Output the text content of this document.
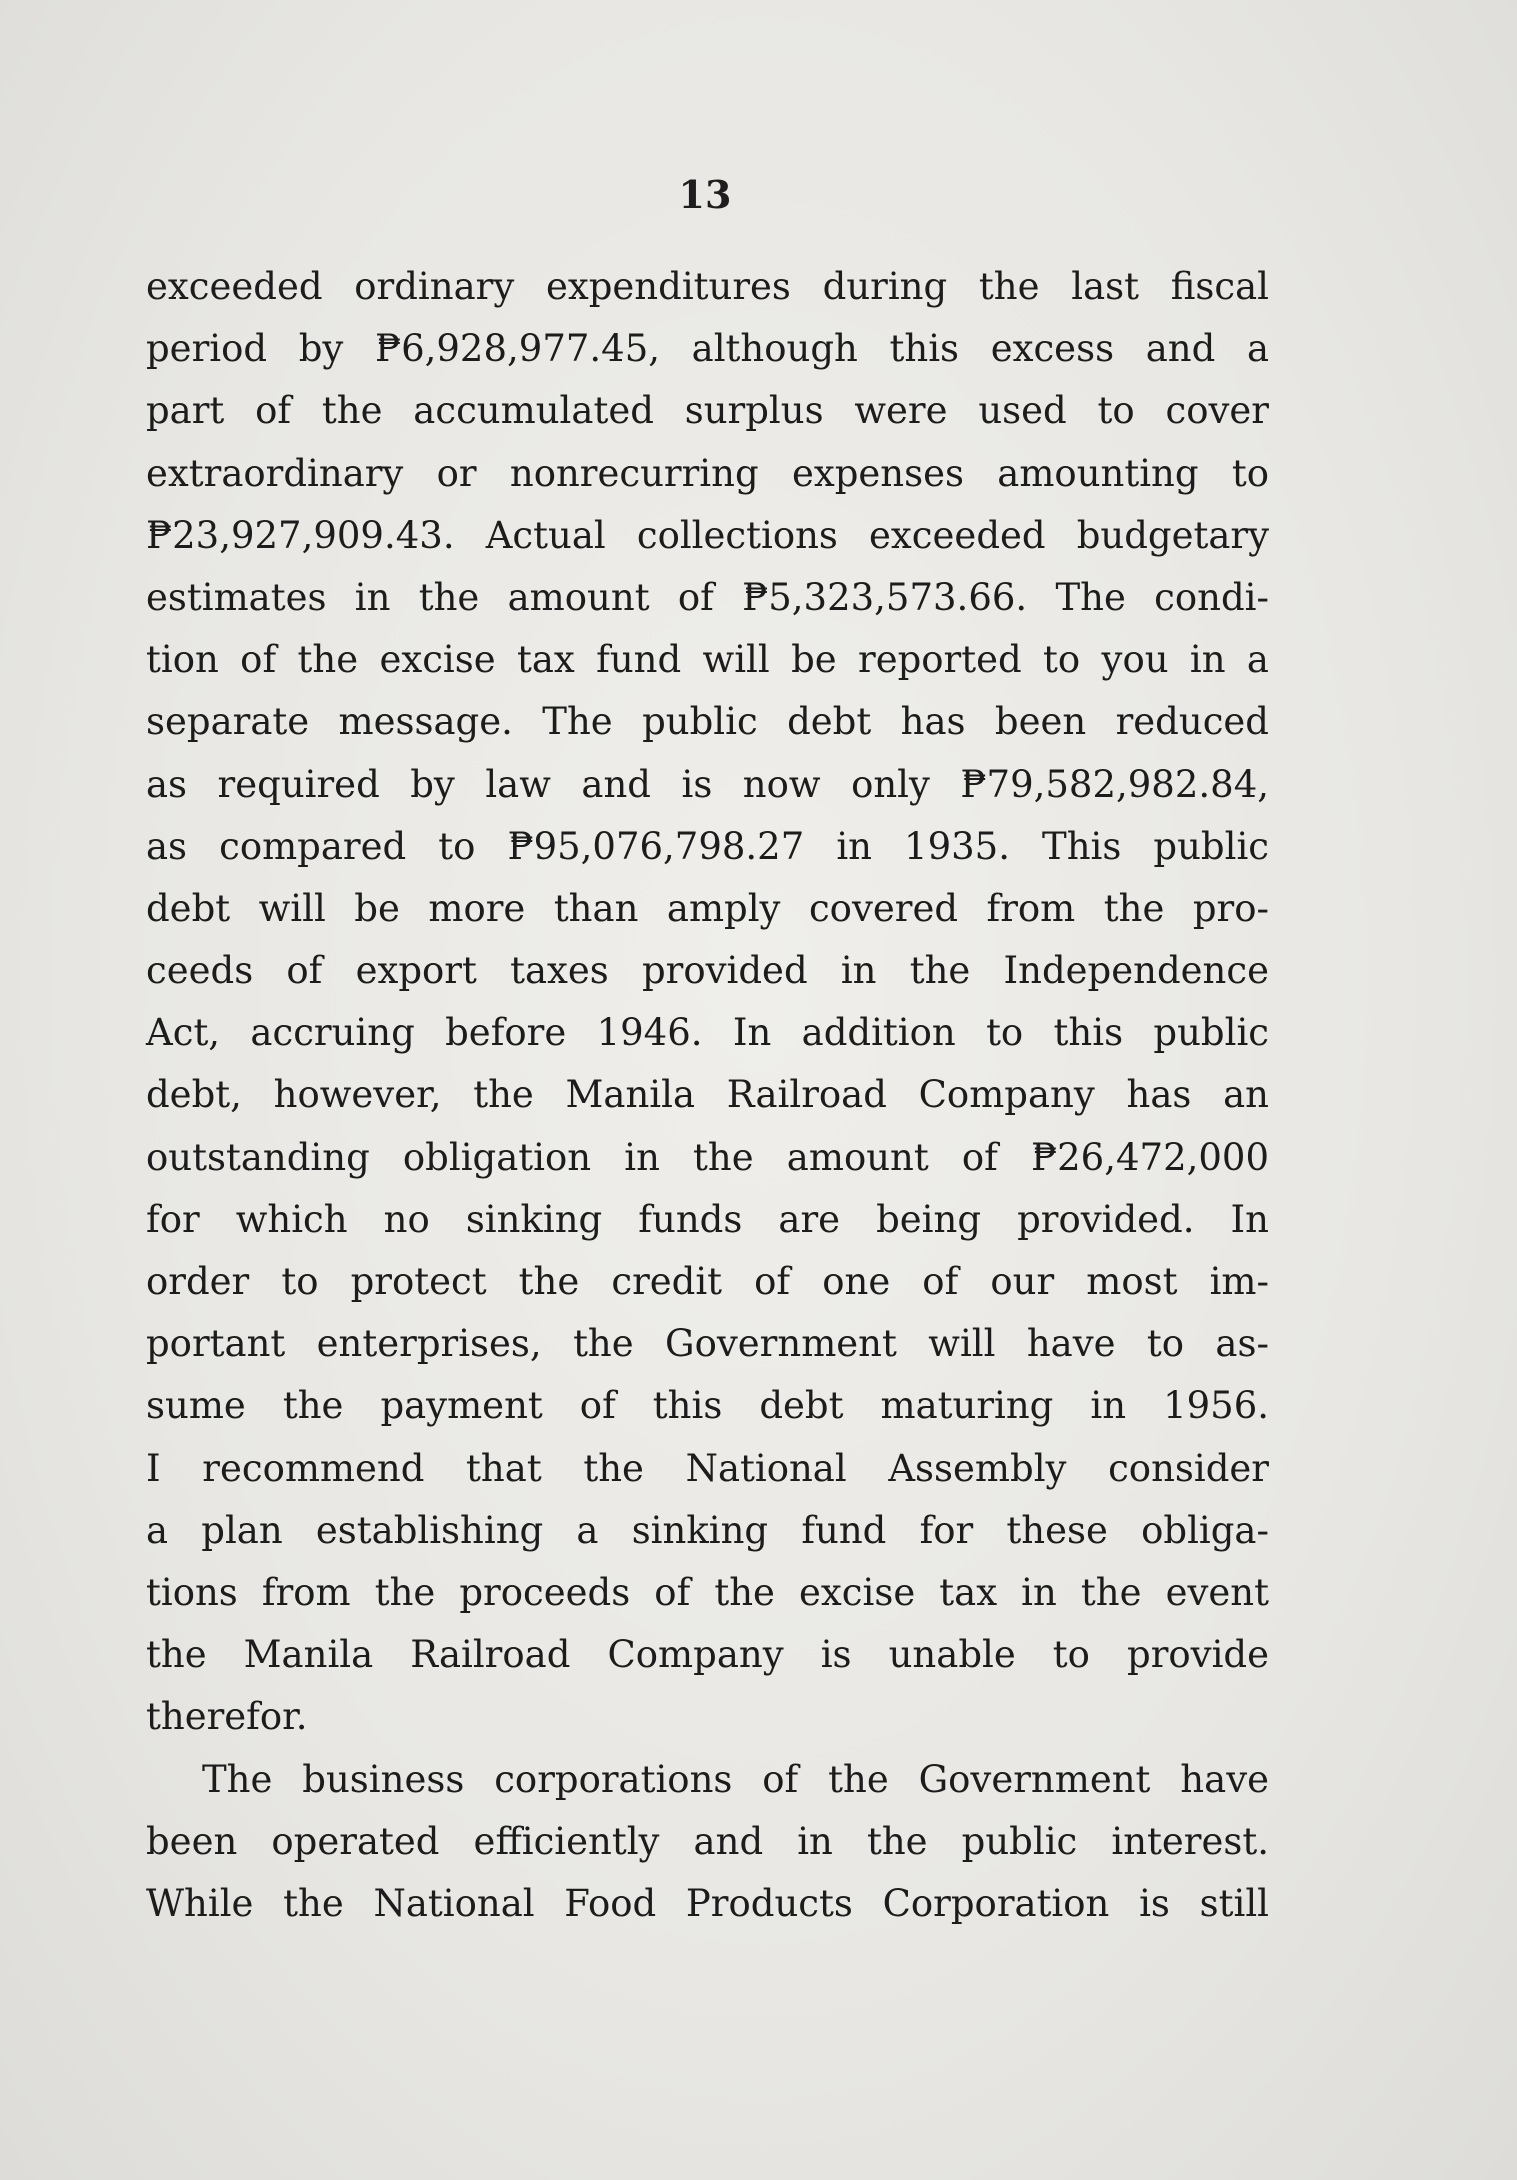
13
exceeded ordinary expenditures during the last fiscal
period by ₱6,928,977.45, although this excess and a
part of the accumulated surplus were used to cover
extraordinary or nonrecurring expenses amounting to
₱23,927,909.43. Actual collections exceeded budgetary
estimates in the amount of ₱5,323,573.66. The condi-
tion of the excise tax fund will be reported to you in a
separate message. The public debt has been reduced
as required by law and is now only ₱79,582,982.84,
as compared to ₱95,076,798.27 in 1935. This public
debt will be more than amply covered from the pro-
ceeds of export taxes provided in the Independence
Act, accruing before 1946. In addition to this public
debt, however, the Manila Railroad Company has an
outstanding obligation in the amount of ₱26,472,000
for which no sinking funds are being provided. In
order to protect the credit of one of our most im-
portant enterprises, the Government will have to as-
sume the payment of this debt maturing in 1956.
I recommend that the National Assembly consider
a plan establishing a sinking fund for these obliga-
tions from the proceeds of the excise tax in the event
the Manila Railroad Company is unable to provide
therefor.
The business corporations of the Government have
been operated efficiently and in the public interest.
While the National Food Products Corporation is still
